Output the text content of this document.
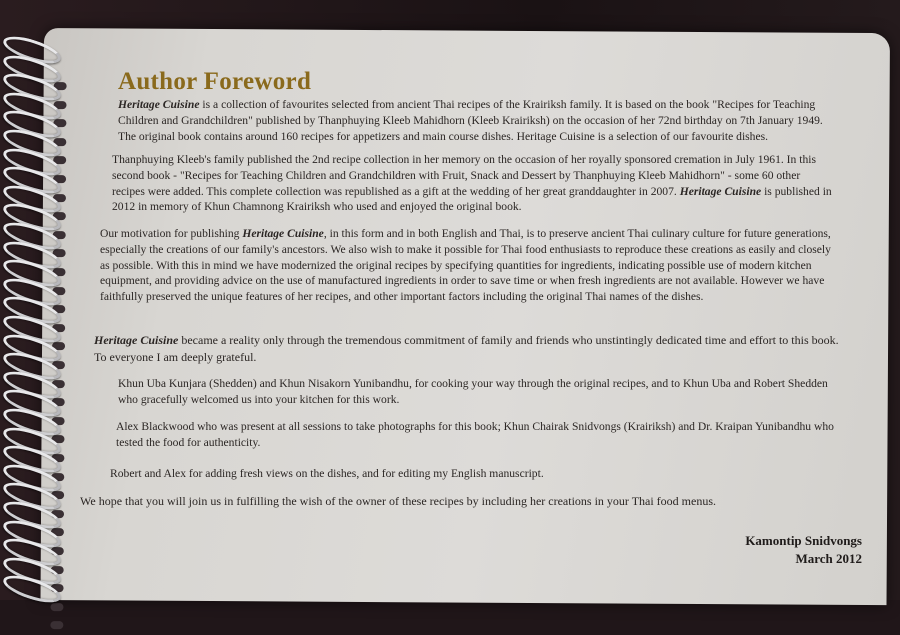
Author Foreword

Heritage Cuisine is a collection of favourites selected from ancient Thai recipes of the Krairiksh family. It is based on the book "Recipes for Teaching Children and Grandchildren" published by Thanphuying Kleeb Mahidhorn (Kleeb Krairiksh) on the occasion of her 72nd birthday on 7th January 1949. The original book contains around 160 recipes for appetizers and main course dishes. Heritage Cuisine is a selection of our favourite dishes.

Thanphuying Kleeb's family published the 2nd recipe collection in her memory on the occasion of her royally sponsored cremation in July 1961. In this second book - "Recipes for Teaching Children and Grandchildren with Fruit, Snack and Dessert by Thanphuying Kleeb Mahidhorn" - some 60 other recipes were added. This complete collection was republished as a gift at the wedding of her great granddaughter in 2007. Heritage Cuisine is published in 2012 in memory of Khun Chamnong Krairiksh who used and enjoyed the original book.

Our motivation for publishing Heritage Cuisine, in this form and in both English and Thai, is to preserve ancient Thai culinary culture for future generations, especially the creations of our family's ancestors. We also wish to make it possible for Thai food enthusiasts to reproduce these creations as easily and closely as possible. With this in mind we have modernized the original recipes by specifying quantities for ingredients, indicating possible use of modern kitchen equipment, and providing advice on the use of manufactured ingredients in order to save time or when fresh ingredients are not available. However we have faithfully preserved the unique features of her recipes, and other important factors including the original Thai names of the dishes.

Heritage Cuisine became a reality only through the tremendous commitment of family and friends who unstintingly dedicated time and effort to this book. To everyone I am deeply grateful.

Khun Uba Kunjara (Shedden) and Khun Nisakorn Yunibandhu, for cooking your way through the original recipes, and to Khun Uba and Robert Shedden who gracefully welcomed us into your kitchen for this work.

Alex Blackwood who was present at all sessions to take photographs for this book; Khun Chairak Snidvongs (Krairiksh) and Dr. Kraipan Yunibandhu who tested the food for authenticity.

Robert and Alex for adding fresh views on the dishes, and for editing my English manuscript.

We hope that you will join us in fulfilling the wish of the owner of these recipes by including her creations in your Thai food menus.

Kamontip Snidvongs
March 2012
